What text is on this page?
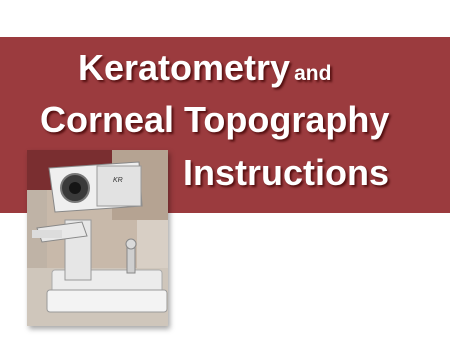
KR
Keratometry and
Corneal Topography
Instructions
